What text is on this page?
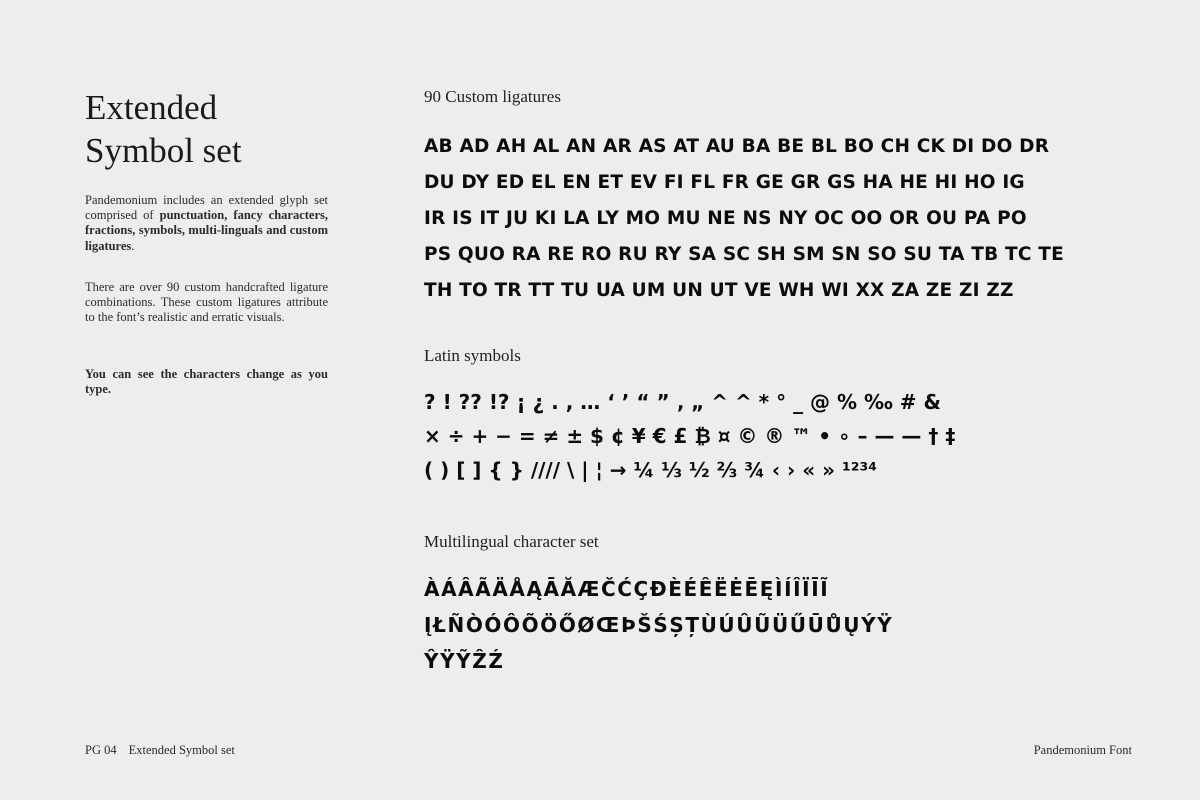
Extended
Symbol set

Pandemonium includes an extended glyph set comprised of punctuation, fancy characters, fractions, symbols, multi-linguals and custom ligatures.

There are over 90 custom handcrafted ligature combinations. These custom ligatures attribute to the font’s realistic and erratic visuals.

You can see the characters change as you type.

90 Custom ligatures
AB AD AH AL AN AR AS AT AU BA BE BL BO CH CK DI DO DR
DU DY ED EL EN ET EV FI FL FR GE GR GS HA HE HI HO IG
IR IS IT JU KI LA LY MO MU NE NS NY OC OO OR OU PA PO
PS QUO RA RE RO RU RY SA SC SH SM SN SO SU TA TB TC TE
TH TO TR TT TU UA UM UN UT VE WH WI XX ZA ZE ZI ZZ
Latin symbols
? ! ?? !? ¡ ¿ . , … ‘ ’ “ ” ‚ „ ^ ^ * ° _ @ % ‰ # &
× ÷ + − = ≠ ± $ ¢ ¥ € £ ₿ ¤ © ® ™ • ∘ – — — † ‡
( ) [ ] { } //// \ | ¦ → ¼ ⅓ ½ ⅔ ¾ ‹ › « » ¹²³⁴
Multilingual character set
ÀÁÂÃÄÅĄĀĂÆČĆÇĐÈÉÊËĖĒĘÌÍÎÏĪĨ
ĮŁÑÒÓÔÕÖŐØŒÞŠŚȘȚÙÚÛŨÜŰŪŮŲÝŸ
ŶŸỸẐŹ

PG 04 Extended Symbol set	Pandemonium Font
